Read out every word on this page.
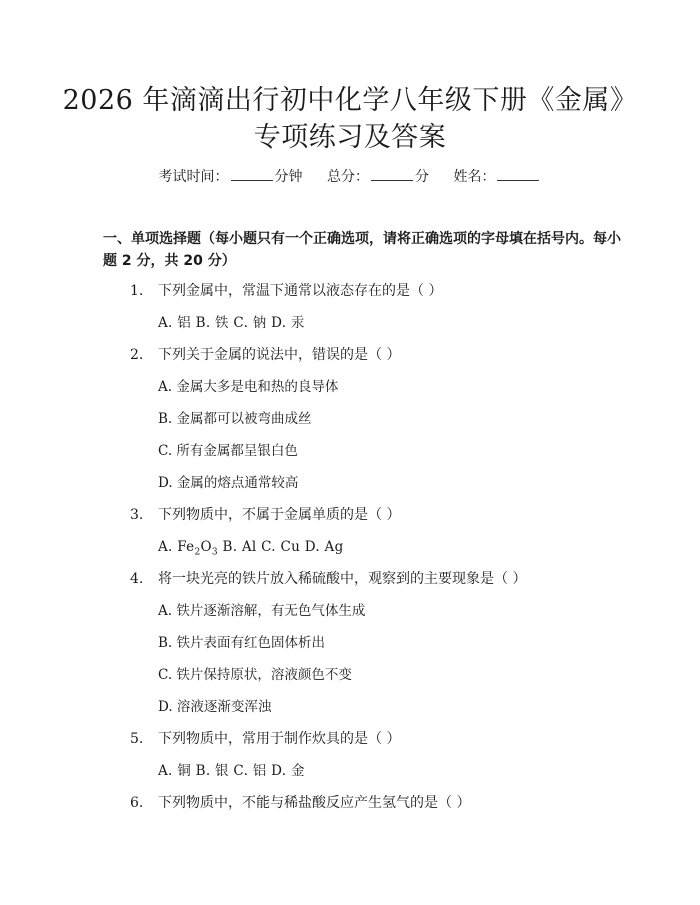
2026 年滴滴出行初中化学八年级下册《金属》专项练习及答案
考试时间：	分钟 总分：	分 姓名：
一、单项选择题（每小题只有一个正确选项，请将正确选项的字母填在括号内。每小题 2 分，共 20 分）
1. 下列金属中，常温下通常以液态存在的是（ ）
A. 铝 B. 铁 C. 钠 D. 汞
2. 下列关于金属的说法中，错误的是（ ）
A. 金属大多是电和热的良导体
B. 金属都可以被弯曲成丝
C. 所有金属都呈银白色
D. 金属的熔点通常较高
3. 下列物质中，不属于金属单质的是（ ）
A. $Fe_2O_3$ B. Al C. Cu D. Ag
4. 将一块光亮的铁片放入稀硫酸中，观察到的主要现象是（ ）
A. 铁片逐渐溶解，有无色气体生成
B. 铁片表面有红色固体析出
C. 铁片保持原状，溶液颜色不变
D. 溶液逐渐变浑浊
5. 下列物质中，常用于制作炊具的是（ ）
A. 铜 B. 银 C. 铝 D. 金
6. 下列物质中，不能与稀盐酸反应产生氢气的是（ ）
